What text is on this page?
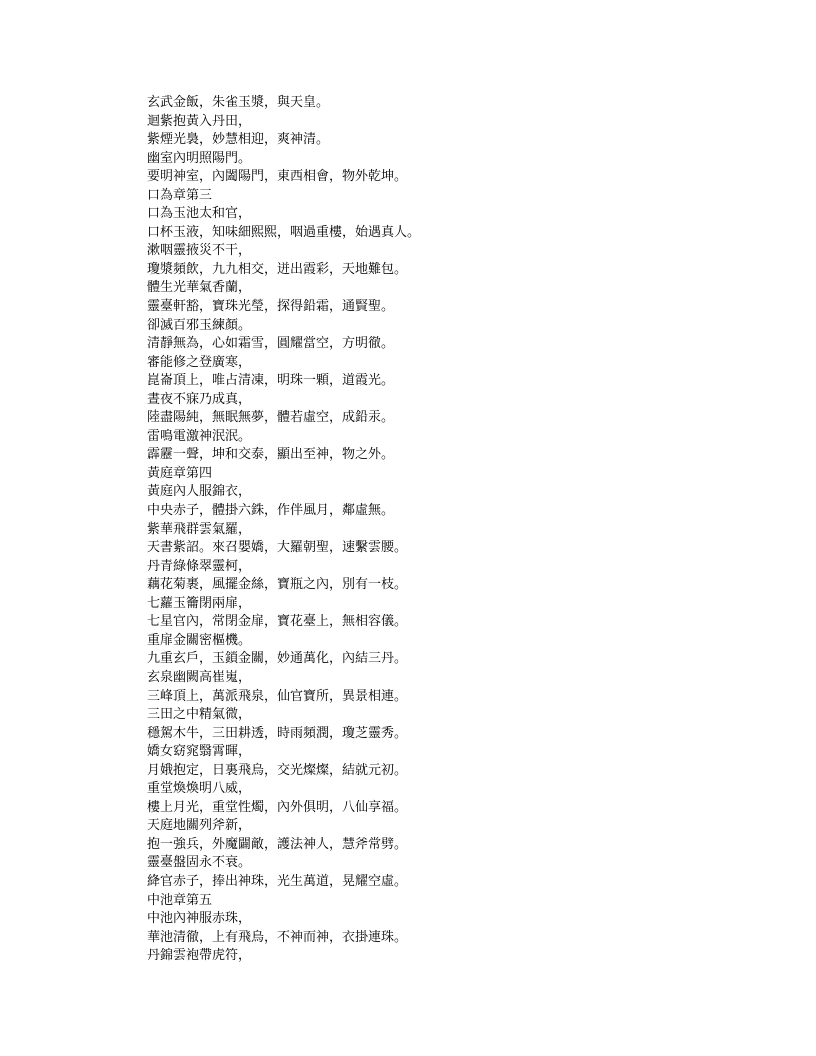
玄武金飯，朱雀玉漿，與天皇。
迴紫抱黃入丹田，
紫煙光裊，妙慧相迎，爽神清。
幽室內明照陽門。
要明神室，內闔陽門，東西相會，物外乾坤。
口為章第三
口為玉池太和官，
口杯玉液，知味細熙熙，咽過重樓，始遇真人。
漱咽靈掖災不干，
瓊漿頻飲，九九相交，迸出霞彩，天地難包。
體生光華氣香蘭，
靈臺軒豁，寶珠光瑩，探得鉛霜，通賢聖。
卻滅百邪玉練顏。
清靜無為，心如霜雪，圓耀當空，方明徹。
審能修之登廣寒，
崑崙頂上，唯占清凍，明珠一顆，道霞光。
晝夜不寐乃成真，
陸盡陽純，無眠無夢，體若虛空，成鉛汞。
雷鳴電激神泯泯。
霹靂一聲，坤和交泰，顯出至神，物之外。
黃庭章第四
黃庭內人服錦衣，
中央赤子，體掛六銖，作伴風月，鄰虛無。
紫華飛群雲氣羅，
天書紫詔。來召嬰嬌，大羅朝聖，速繫雲腰。
丹青綠條翠靈柯，
藕花菊裹，風擺金絲，寶瓶之內，別有一枝。
七蘿玉籥閉兩扉，
七星官內，常閉金扉，寶花臺上，無相容儀。
重扉金關密樞機。
九重玄戶，玉鎖金關，妙通萬化，內結三丹。
玄泉幽闕高崔嵬，
三峰頂上，萬派飛泉，仙官寶所，異景相連。
三田之中精氣微，
穩駕木牛，三田耕透，時雨頻潤，瓊芝靈秀。
嬌女窈窕翳霄暉，
月娥抱定，日裏飛烏，交光燦燦，結就元初。
重堂煥煥明八威，
樓上月光，重堂性燭，內外俱明，八仙享福。
天庭地關列斧新，
抱一強兵，外魔闢敵，護法神人，慧斧常劈。
靈臺盤固永不衰。
絳官赤子，捧出神珠，光生萬道，晃耀空虛。
中池章第五
中池內神服赤珠，
華池清徹，上有飛烏，不神而神，衣掛連珠。
丹錦雲袍帶虎符，
